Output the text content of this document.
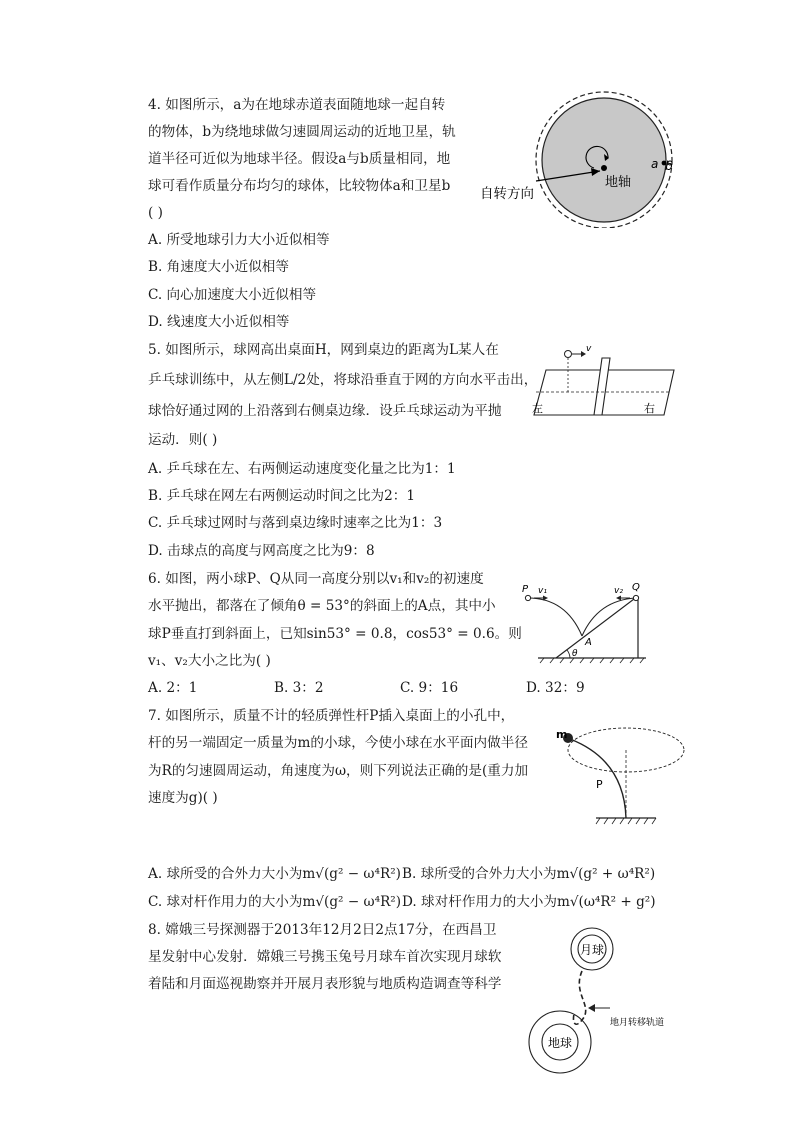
4. 如图所示，a为在地球赤道表面随地球一起自转
的物体，b为绕地球做匀速圆周运动的近地卫星，轨
道半径可近似为地球半径。假设a与b质量相同，地
球可看作质量分布均匀的球体，比较物体a和卫星b
( )
A. 所受地球引力大小近似相等
B. 角速度大小近似相等
C. 向心加速度大小近似相等
D. 线速度大小近似相等
自转方向
地轴
a b
5. 如图所示，球网高出桌面H，网到桌边的距离为L某人在
乒乓球训练中，从左侧L/2处，将球沿垂直于网的方向水平击出，
球恰好通过网的上沿落到右侧桌边缘．设乒乓球运动为平抛
运动．则( )
A. 乒乓球在左、右两侧运动速度变化量之比为1：1
B. 乒乓球在网左右两侧运动时间之比为2：1
C. 乒乓球过网时与落到桌边缘时速率之比为1：3
D. 击球点的高度与网高度之比为9：8
v
左	右
6. 如图，两小球P、Q从同一高度分别以v₁和v₂的初速度
水平抛出，都落在了倾角θ = 53°的斜面上的A点，其中小
球P垂直打到斜面上，已知sin53° = 0.8，cos53° = 0.6。则
v₁、v₂大小之比为( )
A. 2：1	B. 3：2	C. 9：16	D. 32：9
P v₁	v₂ Q
A
θ
7. 如图所示，质量不计的轻质弹性杆P插入桌面上的小孔中，
杆的另一端固定一质量为m的小球，今使小球在水平面内做半径
为R的匀速圆周运动，角速度为ω，则下列说法正确的是(重力加
速度为g)( )
A. 球所受的合外力大小为m√(g² − ω⁴R²) B. 球所受的合外力大小为m√(g² + ω⁴R²)
C. 球对杆作用力的大小为m√(g² − ω⁴R²) D. 球对杆作用力的大小为m√(ω⁴R² + g²)
m
P
8. 嫦娥三号探测器于2013年12月2日2点17分，在西昌卫
星发射中心发射．嫦娥三号携玉兔号月球车首次实现月球软
着陆和月面巡视勘察并开展月表形貌与地质构造调查等科学
月球
地球
地月转移轨道
